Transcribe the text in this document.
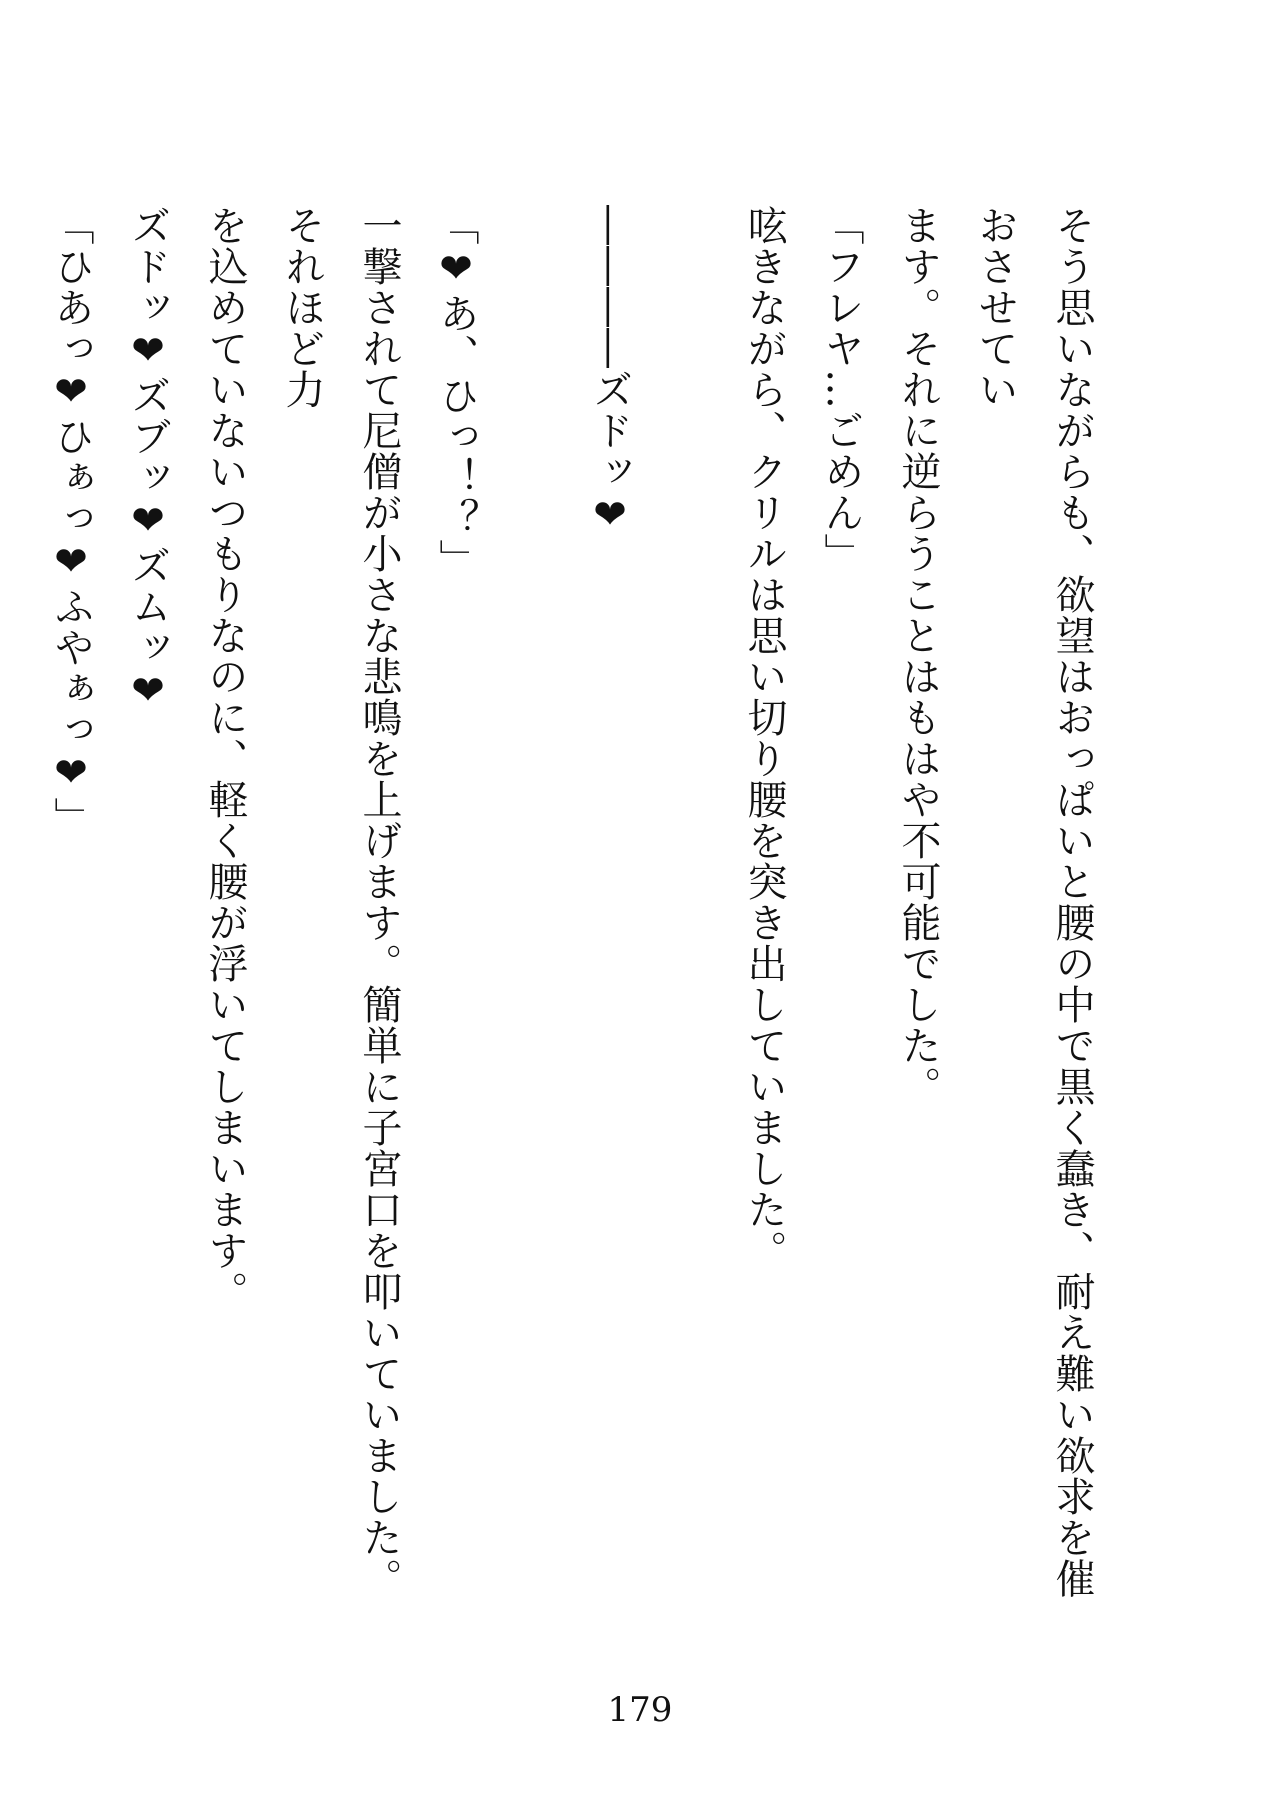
そう思いながらも、欲望はおっぱいと腰の中で黒く蠢き、耐え難い欲求を催おさせてい
ます。それに逆らうことはもはや不可能でした。
「フレヤ…ごめん」
呟きながら、クリルは思い切り腰を突き出していました。
――――ズドッ❤
「❤あ、ひっ！？」
一撃されて尼僧が小さな悲鳴を上げます。簡単に子宮口を叩いていました。それほど力
を込めていないつもりなのに、軽く腰が浮いてしまいます。
ズドッ❤ズブッ❤ズムッ❤
「ひあっ❤ひぁっ❤ふやぁっ❤」
179
